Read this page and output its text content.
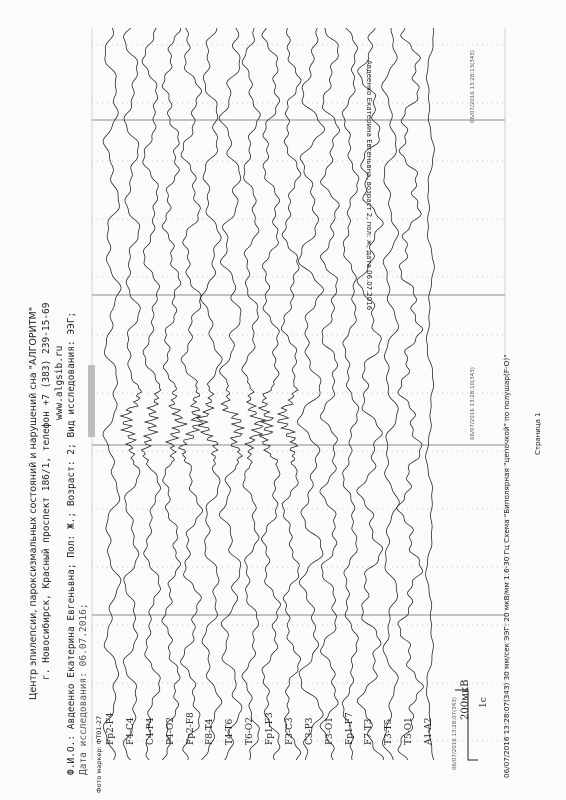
Центр эпилепсии, пароксизмальных состояний и нарушений сна "АЛГОРИТМ" г. Новосибирск, Красный проспект 186/1, телефон +7 (383) 239-15-69 www.algsib.ru Ф.И.О.: Авдеенко Екатерина Евгеньвна; Пол: Ж.; Возраст: 2; Вид исследования: ЭЭГ; Дата исследования: 06.07.2016;	06/07/2016 13:28:07(343) 30 мм/сек ЭЭГ: 20 мкВ/мм 1.6-30 Гц Схема "Биполярная "цепочкой" по полушар(F-O)"	Страница 1
Фото маркер: ФТ01-27
Авдеенко Екатерина Евгеньвна, возраст 2, пол: ж, дата 06.07.2016
200мкВ 1с
06/07/2016 13:28:07(343)
06/07/2016 13:28:10(343)
06/07/2016 13:28:13(343)
Fp2-F4 F4-C4 C4-P4 P4-O2 Fp2-F8 F8-T4 T4-T6 T6-O2 Fp1-F3 F3-C3 C3-P3 P3-O1 Fp1-F7 F7-T3 T3-T5 T5-O1 A1-A2
